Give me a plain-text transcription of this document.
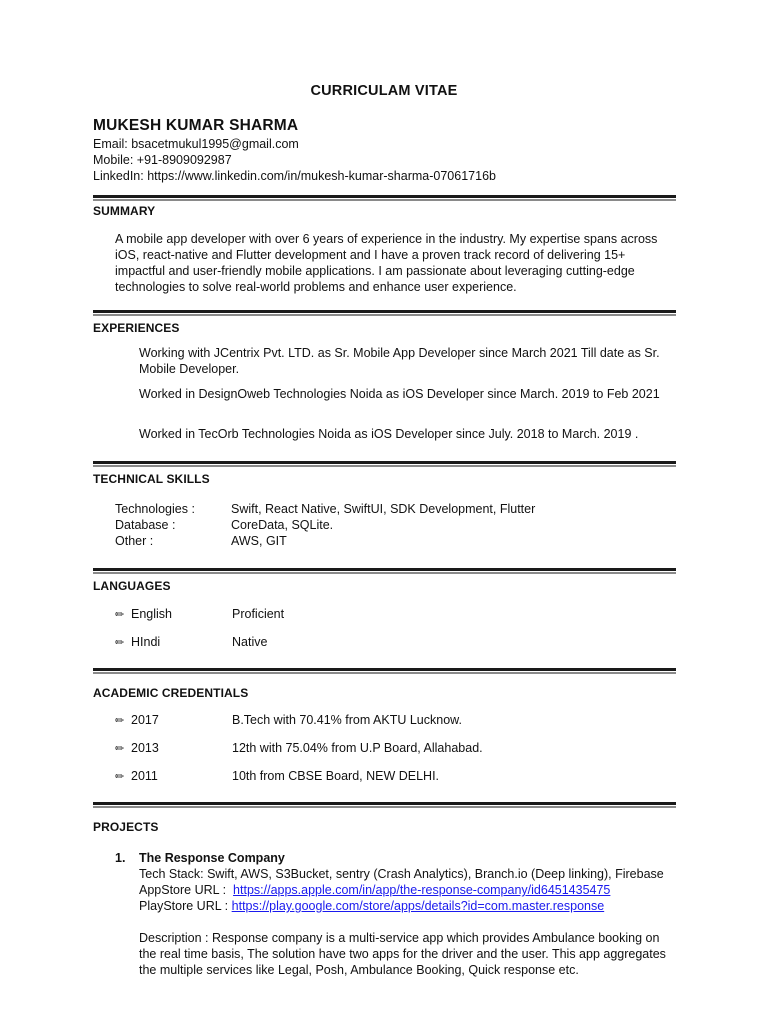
CURRICULAM VITAE
MUKESH KUMAR SHARMA
Email: bsacetmukul1995@gmail.com
Mobile: +91-8909092987
LinkedIn: https://www.linkedin.com/in/mukesh-kumar-sharma-07061716b
SUMMARY
A mobile app developer with over 6 years of experience in the industry. My expertise spans across iOS, react-native and Flutter development and I have a proven track record of delivering 15+ impactful and user-friendly mobile applications. I am passionate about leveraging cutting-edge technologies to solve real-world problems and enhance user experience.
EXPERIENCES
Working with JCentrix Pvt. LTD. as Sr. Mobile App Developer since March 2021 Till date as Sr. Mobile Developer.
Worked in DesignOweb Technologies Noida as iOS Developer since March. 2019 to Feb 2021
Worked in TecOrb Technologies Noida as iOS Developer since July. 2018 to March. 2019 .
TECHNICAL SKILLS
Technologies :	Swift, React Native, SwiftUI, SDK Development, Flutter
Database :	CoreData, SQLite.
Other :	AWS, GIT
LANGUAGES
✏ English	Proficient
✏ HIndi	Native
ACADEMIC CREDENTIALS
✏ 2017	B.Tech with 70.41% from AKTU Lucknow.
✏ 2013	12th with 75.04% from U.P Board, Allahabad.
✏ 2011	10th from CBSE Board, NEW DELHI.
PROJECTS
1. The Response Company
Tech Stack: Swift, AWS, S3Bucket, sentry (Crash Analytics), Branch.io (Deep linking), Firebase
AppStore URL : https://apps.apple.com/in/app/the-response-company/id6451435475
PlayStore URL : https://play.google.com/store/apps/details?id=com.master.response
Description : Response company is a multi-service app which provides Ambulance booking on the real time basis, The solution have two apps for the driver and the user. This app aggregates the multiple services like Legal, Posh, Ambulance Booking, Quick response etc.
